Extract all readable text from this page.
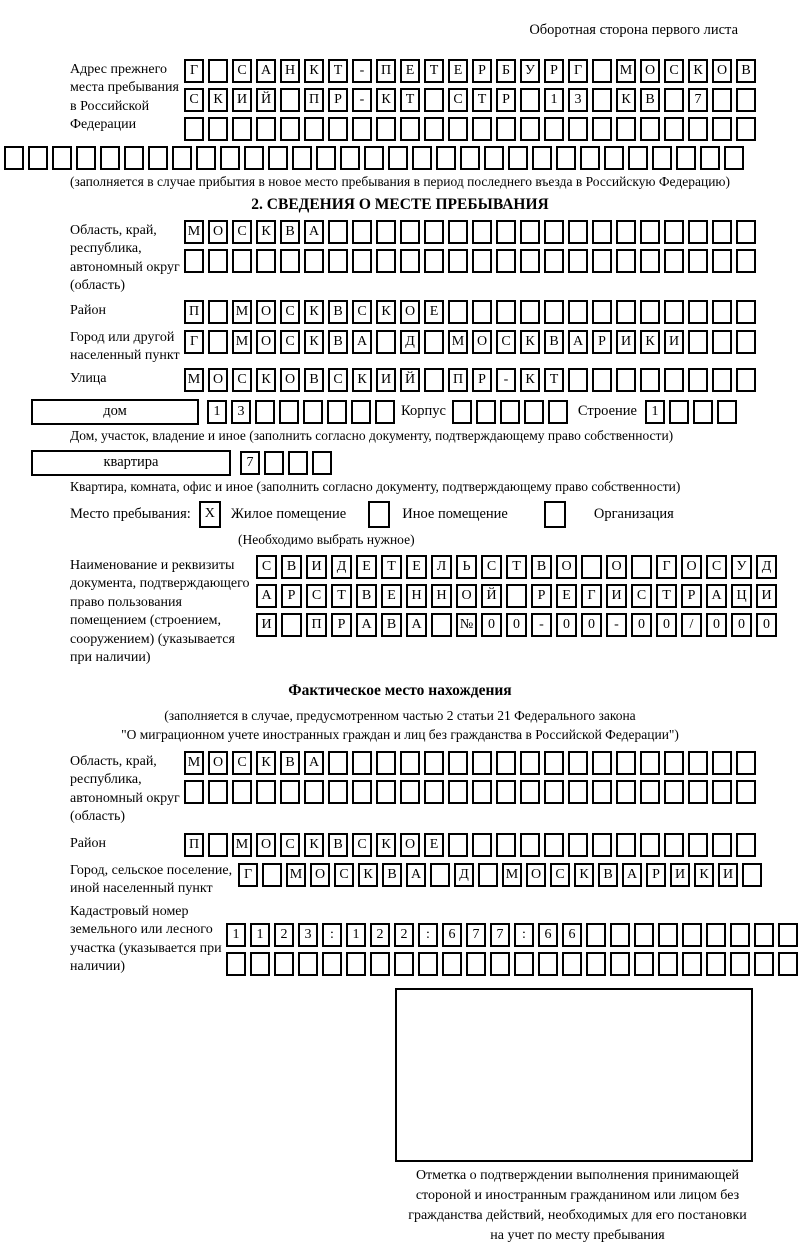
Оборотная сторона первого листа
Адрес прежнего места пребывания в Российской Федерации
Г	С	А Н	К	Т	-	П	Е	Т	Е	Р	Б	У	Р	Г	М О	С	К	О	В
С	К	И Й	П	Р	-	К	Т	С	Т	Р	1	3	К	В	7
(заполняется в случае прибытия в новое место пребывания в период последнего въезда в Российскую Федерацию)
2. СВЕДЕНИЯ О МЕСТЕ ПРЕБЫВАНИЯ
Область, край, республика, автономный округ (область)
М О	С	К	В	А
Район	П	М О	С	К	В	С	К	О	Е
Город или другой населенный пункт
Г	М О	С	К	В	А	Д	М О	С	К	В	А	Р	И	К	И
Улица	М О	С	К	О	В	С	К	И Й	П	Р	-	К	Т
дом	1	3	Корпус	Строение	1
Дом, участок, владение и иное (заполнить согласно документу, подтверждающему право собственности)
квартира	7
Квартира, комната, офис и иное (заполнить согласно документу, подтверждающему право собственности)
Место пребывания: X	Жилое помещение	Иное помещение	Организация
(Необходимо выбрать нужное)
Наименование и реквизиты документа, подтверждающего право пользования помещением (строением, сооружением) (указывается при наличии)
С	В	И	Д	Е	Т	Е	Л	Ь	С	Т	В	О	О	Г	О	С	У	Д
А	Р	С	Т	В	Е	Н	Н	О	Й	Р	Е	Г	И	С	Т	Р	А	Ц	И
И	П	Р	А	В	А	№	0	0	-	0	0	-	0	0	/	0	0	0
Фактическое место нахождения
(заполняется в случае, предусмотренном частью 2 статьи 21 Федерального закона
"О миграционном учете иностранных граждан и лиц без гражданства в Российской Федерации")
Область, край, республика, автономный округ (область)
М О	С	К	В	А
Район	П	М О	С	К	В	С	К	О	Е
Город, сельское поселение, иной населенный пункт
Г	М О	С	К	В	А	Д	М О	С	К	В	А	Р	И	К	И
Кадастровый номер земельного или лесного участка (указывается при наличии)
1	1	2	3	:	1	2	2	:	6	7	7	:	6	6
Отметка о подтверждении выполнения принимающей
стороной и иностранным гражданином или лицом без
гражданства действий, необходимых для его постановки
на учет по месту пребывания
